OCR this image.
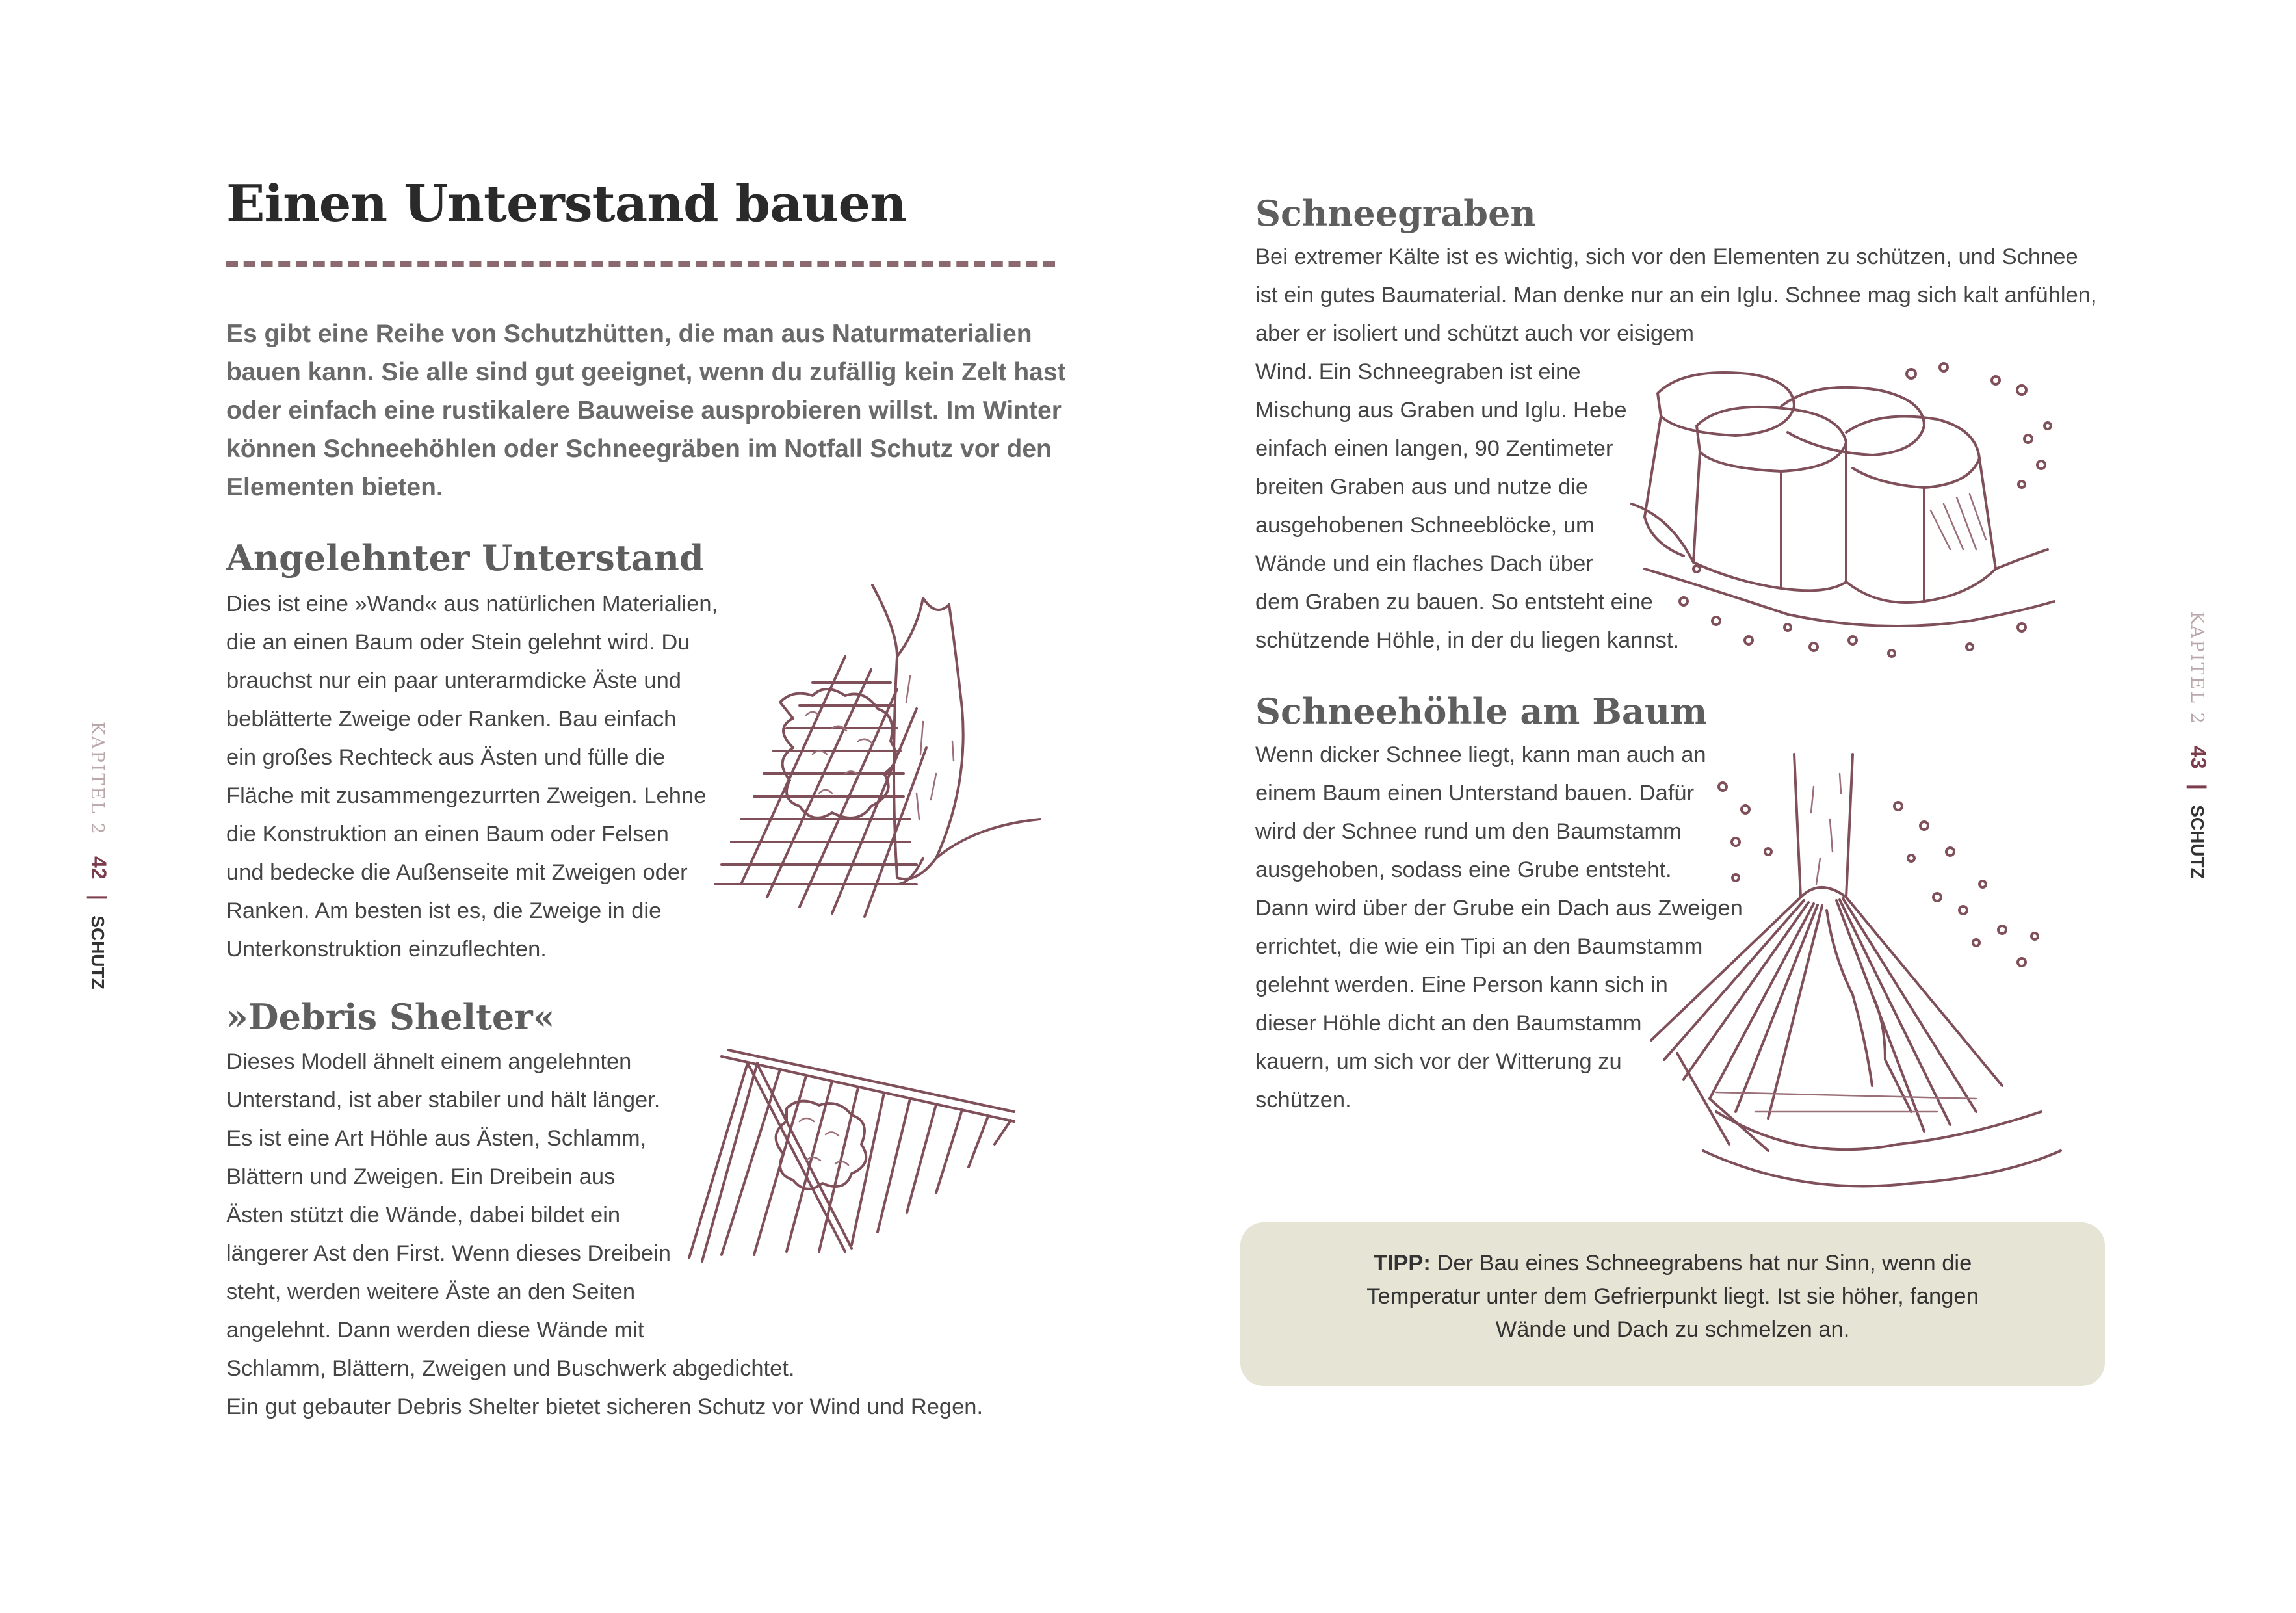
Einen Unterstand bauen

Es gibt eine Reihe von Schutzhütten, die man aus Naturmaterialien bauen kann. Sie alle sind gut geeignet, wenn du zufällig kein Zelt hast oder einfach eine rustikalere Bauweise ausprobieren willst. Im Winter können Schneehöhlen oder Schneegräben im Notfall Schutz vor den Elementen bieten.

Angelehnter Unterstand
Dies ist eine »Wand« aus natürlichen Materialien,
die an einen Baum oder Stein gelehnt wird. Du
brauchst nur ein paar unterarmdicke Äste und
beblätterte Zweige oder Ranken. Bau einfach
ein großes Rechteck aus Ästen und fülle die
Fläche mit zusammengezurrten Zweigen. Lehne
die Konstruktion an einen Baum oder Felsen
und bedecke die Außenseite mit Zweigen oder
Ranken. Am besten ist es, die Zweige in die
Unterkonstruktion einzuflechten.
»Debris Shelter«
Dieses Modell ähnelt einem angelehnten
Unterstand, ist aber stabiler und hält länger.
Es ist eine Art Höhle aus Ästen, Schlamm,
Blättern und Zweigen. Ein Dreibein aus
Ästen stützt die Wände, dabei bildet ein
längerer Ast den First. Wenn dieses Dreibein
steht, werden weitere Äste an den Seiten
angelehnt. Dann werden diese Wände mit
Schlamm, Blättern, Zweigen und Buschwerk abgedichtet.
Ein gut gebauter Debris Shelter bietet sicheren Schutz vor Wind und Regen.
KAPITEL 2    42   |   SCHUTZ
Schneegraben
Bei extremer Kälte ist es wichtig, sich vor den Elementen zu schützen, und Schnee
ist ein gutes Baumaterial. Man denke nur an ein Iglu. Schnee mag sich kalt anfühlen,
aber er isoliert und schützt auch vor eisigem
Wind. Ein Schneegraben ist eine
Mischung aus Graben und Iglu. Hebe
einfach einen langen, 90 Zentimeter
breiten Graben aus und nutze die
ausgehobenen Schneeblöcke, um
Wände und ein flaches Dach über
dem Graben zu bauen. So entsteht eine
schützende Höhle, in der du liegen kannst.
Schneehöhle am Baum
Wenn dicker Schnee liegt, kann man auch an
einem Baum einen Unterstand bauen. Dafür
wird der Schnee rund um den Baumstamm
ausgehoben, sodass eine Grube entsteht.
Dann wird über der Grube ein Dach aus Zweigen
errichtet, die wie ein Tipi an den Baumstamm
gelehnt werden. Eine Person kann sich in
dieser Höhle dicht an den Baumstamm
kauern, um sich vor der Witterung zu
schützen.

TIPP: Der Bau eines Schneegrabens hat nur Sinn, wenn die
Temperatur unter dem Gefrierpunkt liegt. Ist sie höher, fangen
Wände und Dach zu schmelzen an.

KAPITEL 2    43   |   SCHUTZ
